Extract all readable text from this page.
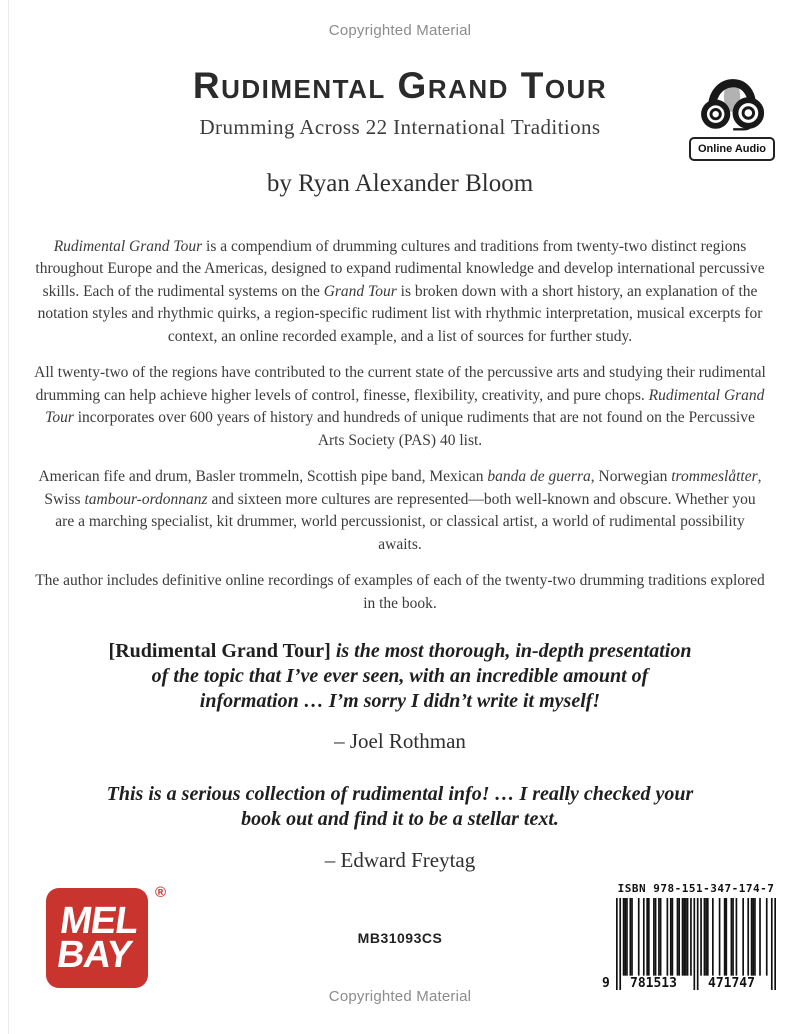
Copyrighted Material
Rudimental Grand Tour
Drumming Across 22 International Traditions
by Ryan Alexander Bloom
Online Audio

Rudimental Grand Tour is a compendium of drumming cultures and traditions from twenty-two distinct regions throughout Europe and the Americas, designed to expand rudimental knowledge and develop international percussive skills. Each of the rudimental systems on the Grand Tour is broken down with a short history, an explanation of the notation styles and rhythmic quirks, a region-specific rudiment list with rhythmic interpretation, musical excerpts for context, an online recorded example, and a list of sources for further study.

All twenty-two of the regions have contributed to the current state of the percussive arts and studying their rudimental drumming can help achieve higher levels of control, finesse, flexibility, creativity, and pure chops. Rudimental Grand Tour incorporates over 600 years of history and hundreds of unique rudiments that are not found on the Percussive Arts Society (PAS) 40 list.

American fife and drum, Basler trommeln, Scottish pipe band, Mexican banda de guerra, Norwegian trommeslåtter, Swiss tambour-ordonnanz and sixteen more cultures are represented—both well-known and obscure. Whether you are a marching specialist, kit drummer, world percussionist, or classical artist, a world of rudimental possibility awaits.

The author includes definitive online recordings of examples of each of the twenty-two drumming traditions explored in the book.

[Rudimental Grand Tour] is the most thorough, in-depth presentation of the topic that I’ve ever seen, with an incredible amount of information … I’m sorry I didn’t write it myself!
– Joel Rothman
This is a serious collection of rudimental info! … I really checked your book out and find it to be a stellar text.
– Edward Freytag
MEL
BAY
®
MB31093CS
ISBN 978-151-347-174-7
9 781513 471747
Copyrighted Material
